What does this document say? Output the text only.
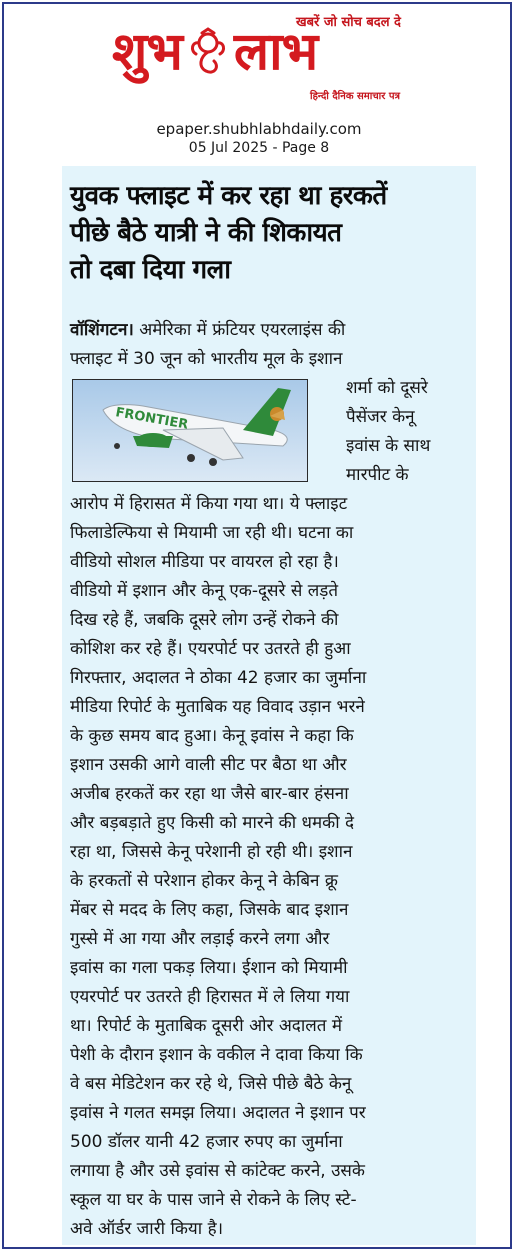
खबरें जो सोच बदल दे
शुभ लाभ
हिन्दी दैनिक समाचार पत्र
epaper.shubhlabhdaily.com
05 Jul 2025 - Page 8
युवक फ्लाइट में कर रहा था हरकतें
पीछे बैठे यात्री ने की शिकायत
तो दबा दिया गला
FRONTIER
वॉशिंगटन। अमेरिका में फ्रंटियर एयरलाइंस की
फ्लाइट में 30 जून को भारतीय मूल के इशान
शर्मा को दूसरे
पैसेंजर केनू
इवांस के साथ
मारपीट के
आरोप में हिरासत में किया गया था। ये फ्लाइट
फिलाडेल्फिया से मियामी जा रही थी। घटना का
वीडियो सोशल मीडिया पर वायरल हो रहा है।
वीडियो में इशान और केनू एक-दूसरे से लड़ते
दिख रहे हैं, जबकि दूसरे लोग उन्हें रोकने की
कोशिश कर रहे हैं। एयरपोर्ट पर उतरते ही हुआ
गिरफ्तार, अदालत ने ठोका 42 हजार का जुर्माना
मीडिया रिपोर्ट के मुताबिक यह विवाद उड़ान भरने
के कुछ समय बाद हुआ। केनू इवांस ने कहा कि
इशान उसकी आगे वाली सीट पर बैठा था और
अजीब हरकतें कर रहा था जैसे बार-बार हंसना
और बड़बड़ाते हुए किसी को मारने की धमकी दे
रहा था, जिससे केनू परेशानी हो रही थी। इशान
के हरकतों से परेशान होकर केनू ने केबिन क्रू
मेंबर से मदद के लिए कहा, जिसके बाद इशान
गुस्से में आ गया और लड़ाई करने लगा और
इवांस का गला पकड़ लिया। ईशान को मियामी
एयरपोर्ट पर उतरते ही हिरासत में ले लिया गया
था। रिपोर्ट के मुताबिक दूसरी ओर अदालत में
पेशी के दौरान इशान के वकील ने दावा किया कि
वे बस मेडिटेशन कर रहे थे, जिसे पीछे बैठे केनू
इवांस ने गलत समझ लिया। अदालत ने इशान पर
500 डॉलर यानी 42 हजार रुपए का जुर्माना
लगाया है और उसे इवांस से कांटेक्ट करने, उसके
स्कूल या घर के पास जाने से रोकने के लिए स्टे-
अवे ऑर्डर जारी किया है।
